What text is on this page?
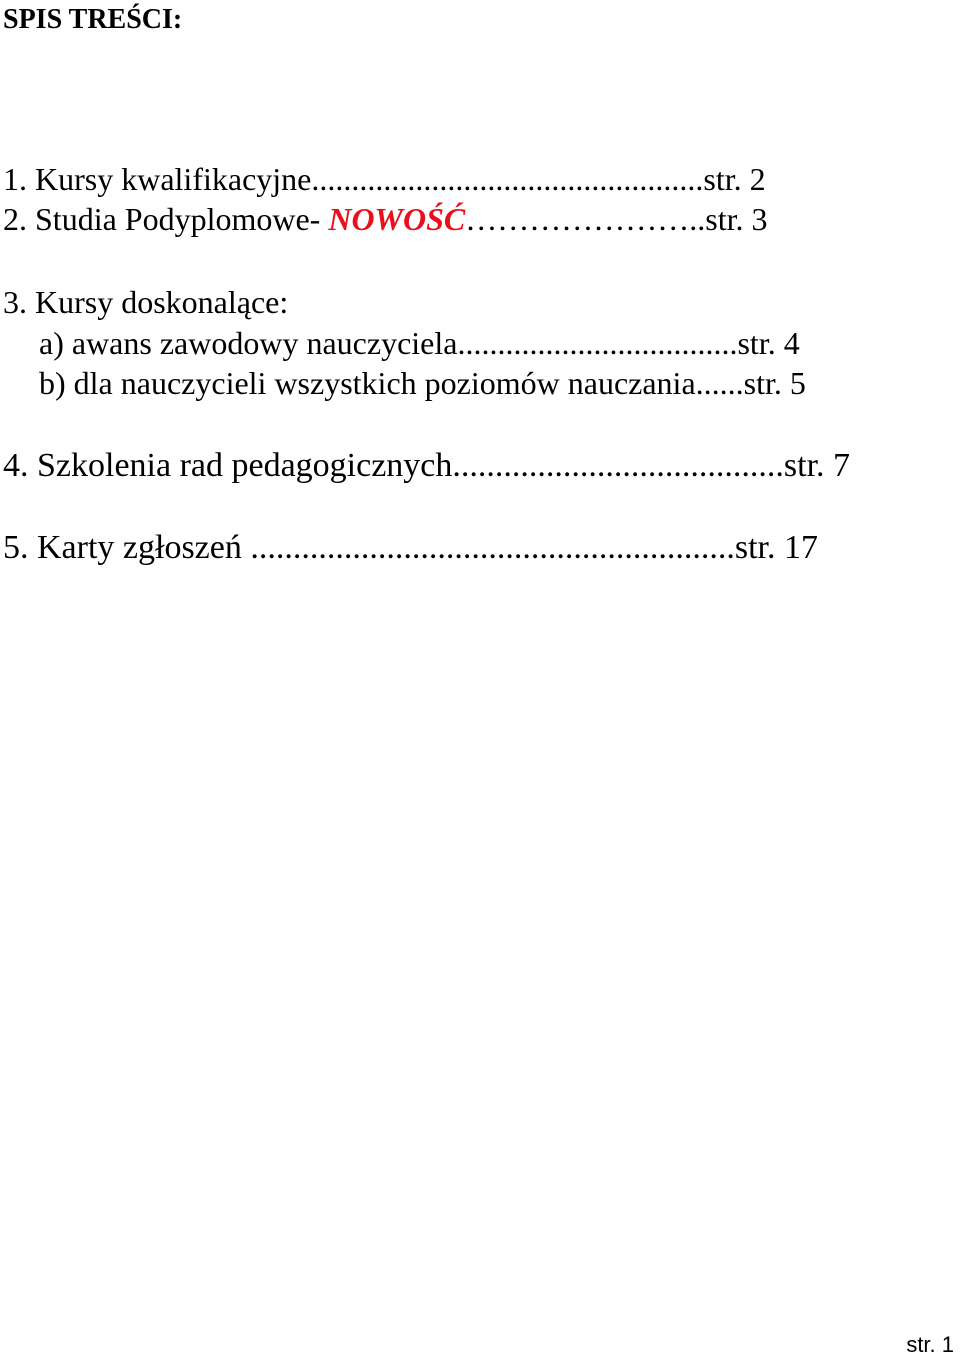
SPIS TREŚCI:
1. Kursy kwalifikacyjne.................................................str. 2
2. Studia Podyplomowe- NOWOŚĆ…………………..str. 3
3. Kursy doskonalące:
a) awans zawodowy nauczyciela...................................str. 4
b) dla nauczycieli wszystkich poziomów nauczania......str. 5
4. Szkolenia rad pedagogicznych.......................................str. 7
5. Karty zgłoszeń .........................................................str. 17
str. 1
